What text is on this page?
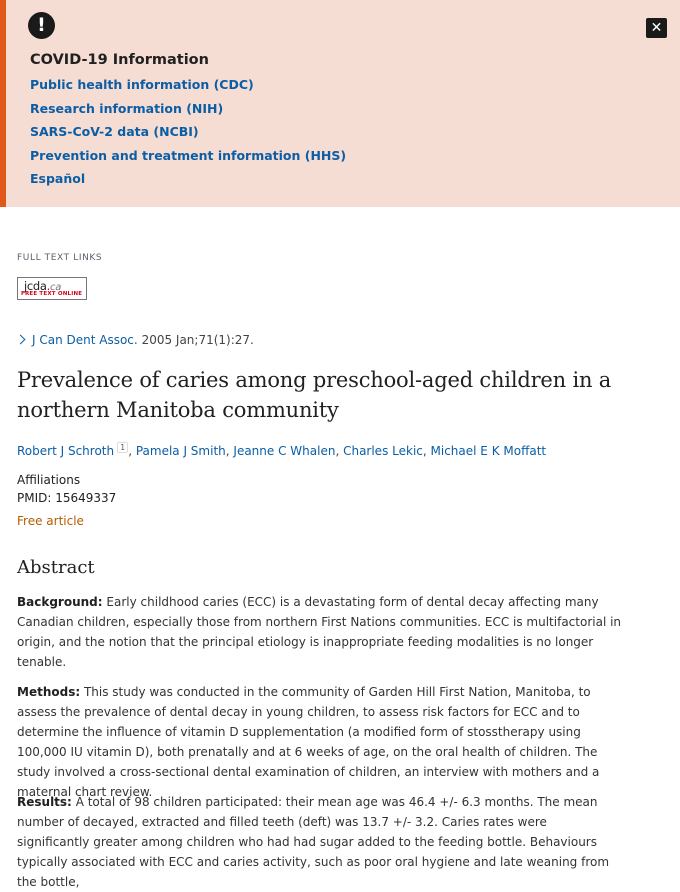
!	✕
COVID-19 Information
Public health information (CDC)
Research information (NIH)
SARS-CoV-2 data (NCBI)
Prevention and treatment information (HHS)
Español
FULL TEXT LINKS
jcda.ca
FREE TEXT ONLINE
J Can Dent Assoc. 2005 Jan;71(1):27.
Prevalence of caries among preschool-aged children in a northern Manitoba community
Robert J Schroth $^1$ , Pamela J Smith, Jeanne C Whalen, Charles Lekic, Michael E K Moffatt
Affiliations
PMID: 15649337
Free article
Abstract

Background: Early childhood caries (ECC) is a devastating form of dental decay affecting many Canadian children, especially those from northern First Nations communities. ECC is multifactorial in origin, and the notion that the principal etiology is inappropriate feeding modalities is no longer tenable.

Methods: This study was conducted in the community of Garden Hill First Nation, Manitoba, to assess the prevalence of dental decay in young children, to assess risk factors for ECC and to determine the influence of vitamin D supplementation (a modified form of stosstherapy using 100,000 IU vitamin D), both prenatally and at 6 weeks of age, on the oral health of children. The study involved a cross-sectional dental examination of children, an interview with mothers and a maternal chart review.

Results: A total of 98 children participated: their mean age was 46.4 +/- 6.3 months. The mean number of decayed, extracted and filled teeth (deft) was 13.7 +/- 3.2. Caries rates were significantly greater among children who had had sugar added to the feeding bottle. Behaviours typically associated with ECC and caries activity, such as poor oral hygiene and late weaning from the bottle,
